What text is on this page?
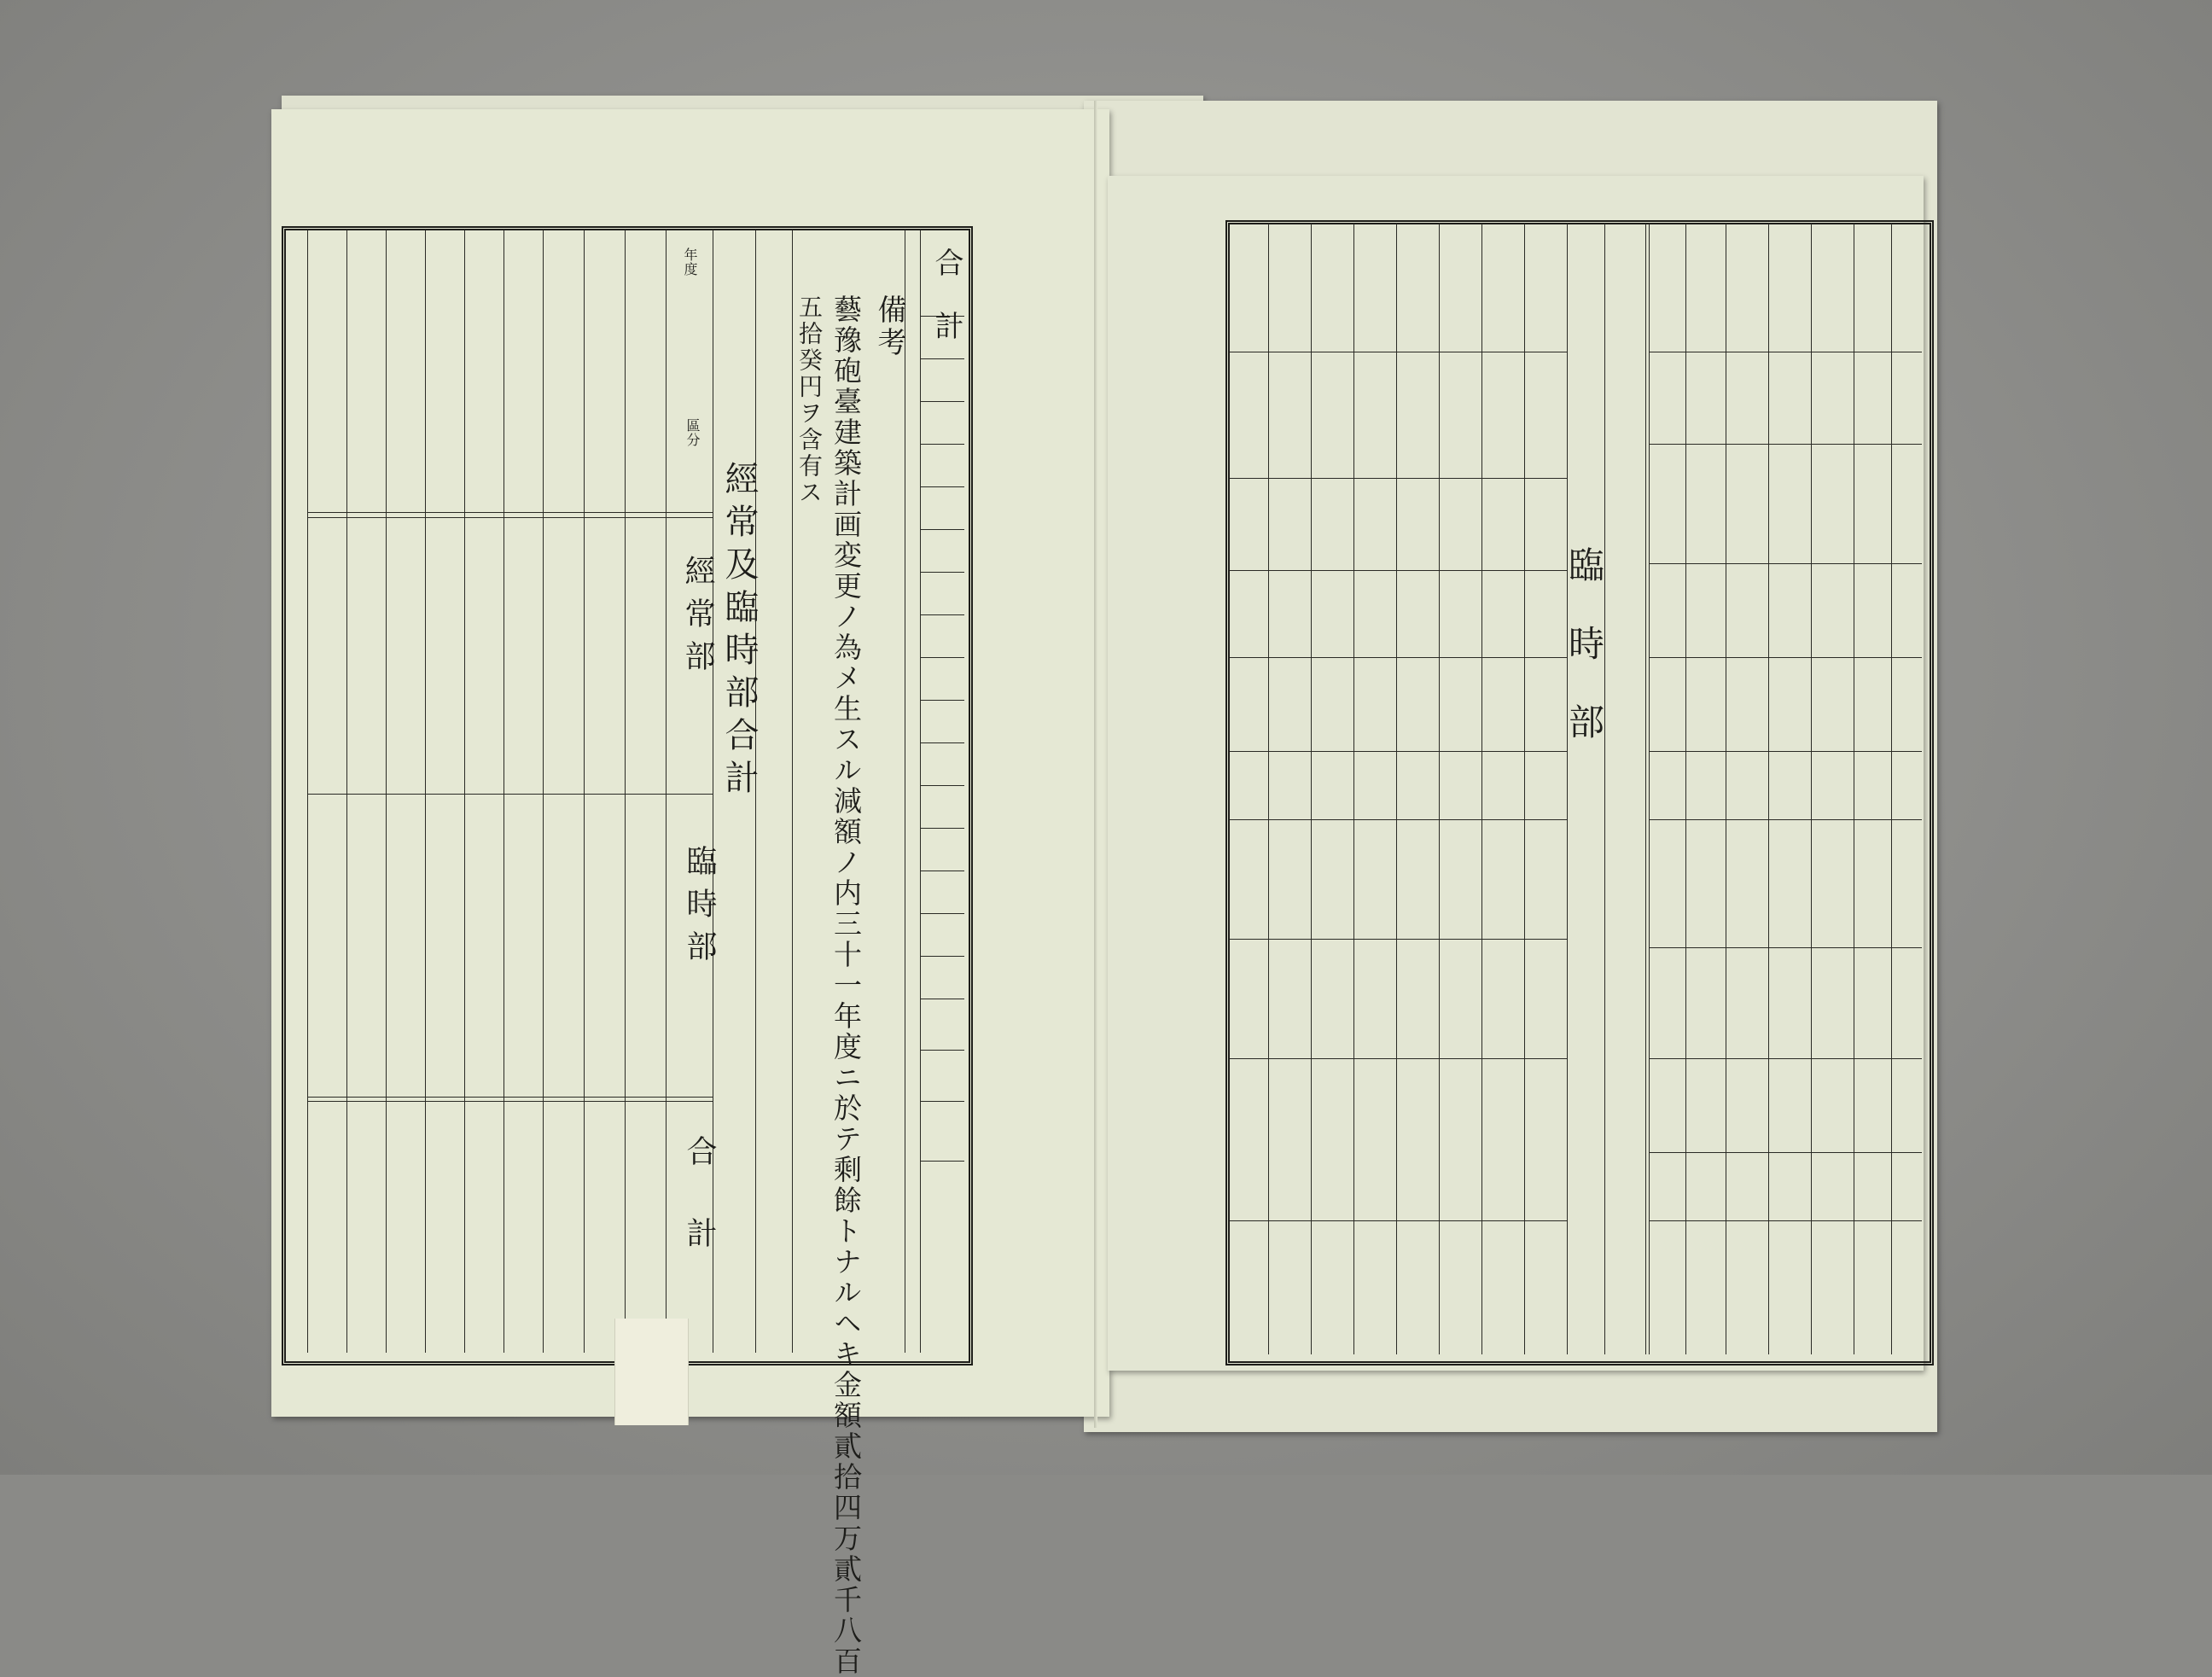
年度
區分
經常及臨時部合計
經常部
臨時部
合計
備考
藝豫砲臺建築計画変更ノ為メ生スル減額ノ内三十一年度ニ於テ剩餘トナルヘキ金額貳拾四万貳千八百
五拾癸円ヲ含有ス	合計
臨時部
